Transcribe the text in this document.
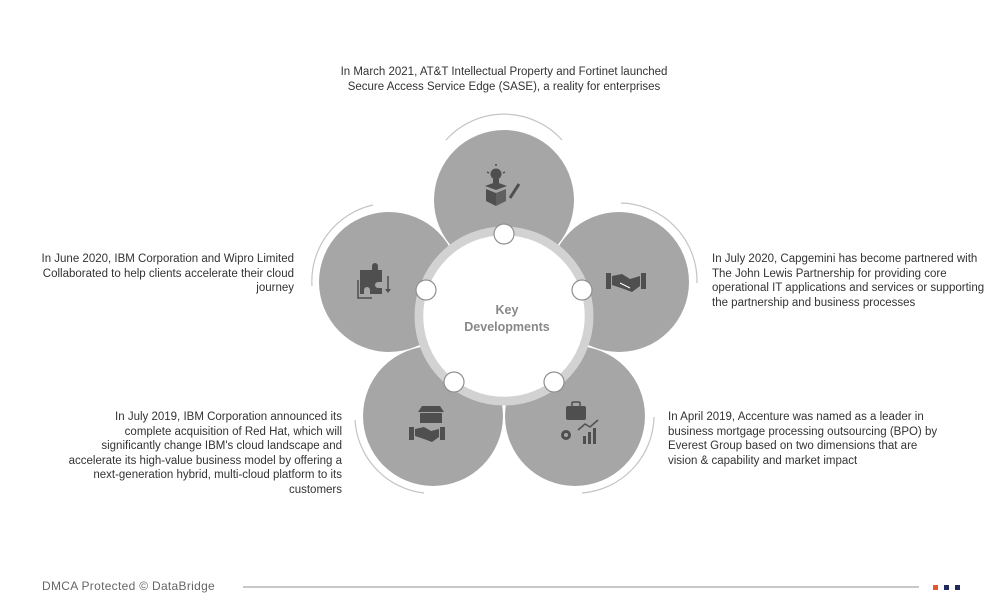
Key
Developments
In March 2021, AT&T Intellectual Property and Fortinet launched
Secure Access Service Edge (SASE), a reality for enterprises
In July 2020, Capgemini has become partnered with
The John Lewis Partnership for providing core
operational IT applications and services or supporting
the partnership and business processes
In April 2019, Accenture was named as a leader in
business mortgage processing outsourcing (BPO) by
Everest Group based on two dimensions that are
vision & capability and market impact
In July 2019, IBM Corporation announced its
complete acquisition of Red Hat, which will
significantly change IBM's cloud landscape and
accelerate its high-value business model by offering a
next-generation hybrid, multi-cloud platform to its
customers
In June 2020, IBM Corporation and Wipro Limited
Collaborated to help clients accelerate their cloud
journey
DMCA Protected © DataBridge
